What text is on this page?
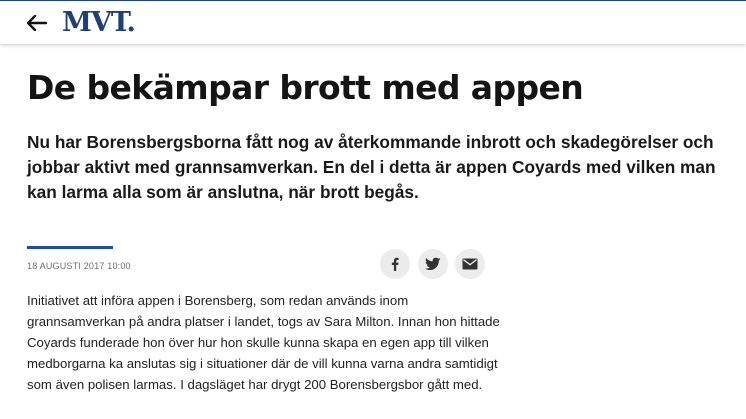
MVT.
De bekämpar brott med appen

Nu har Borensbergsborna fått nog av återkommande inbrott och skadegörelser och jobbar aktivt med grannsamverkan. En del i detta är appen Coyards med vilken man kan larma alla som är anslutna, när brott begås.

18 AUGUSTI 2017 10:00

Initiativet att införa appen i Borensberg, som redan används inom grannsamverkan på andra platser i landet, togs av Sara Milton. Innan hon hittade Coyards funderade hon över hur hon skulle kunna skapa en egen app till vilken medborgarna ka anslutas sig i situationer där de vill kunna varna andra samtidigt som även polisen larmas. I dagsläget har drygt 200 Borensbergsbor gått med.
